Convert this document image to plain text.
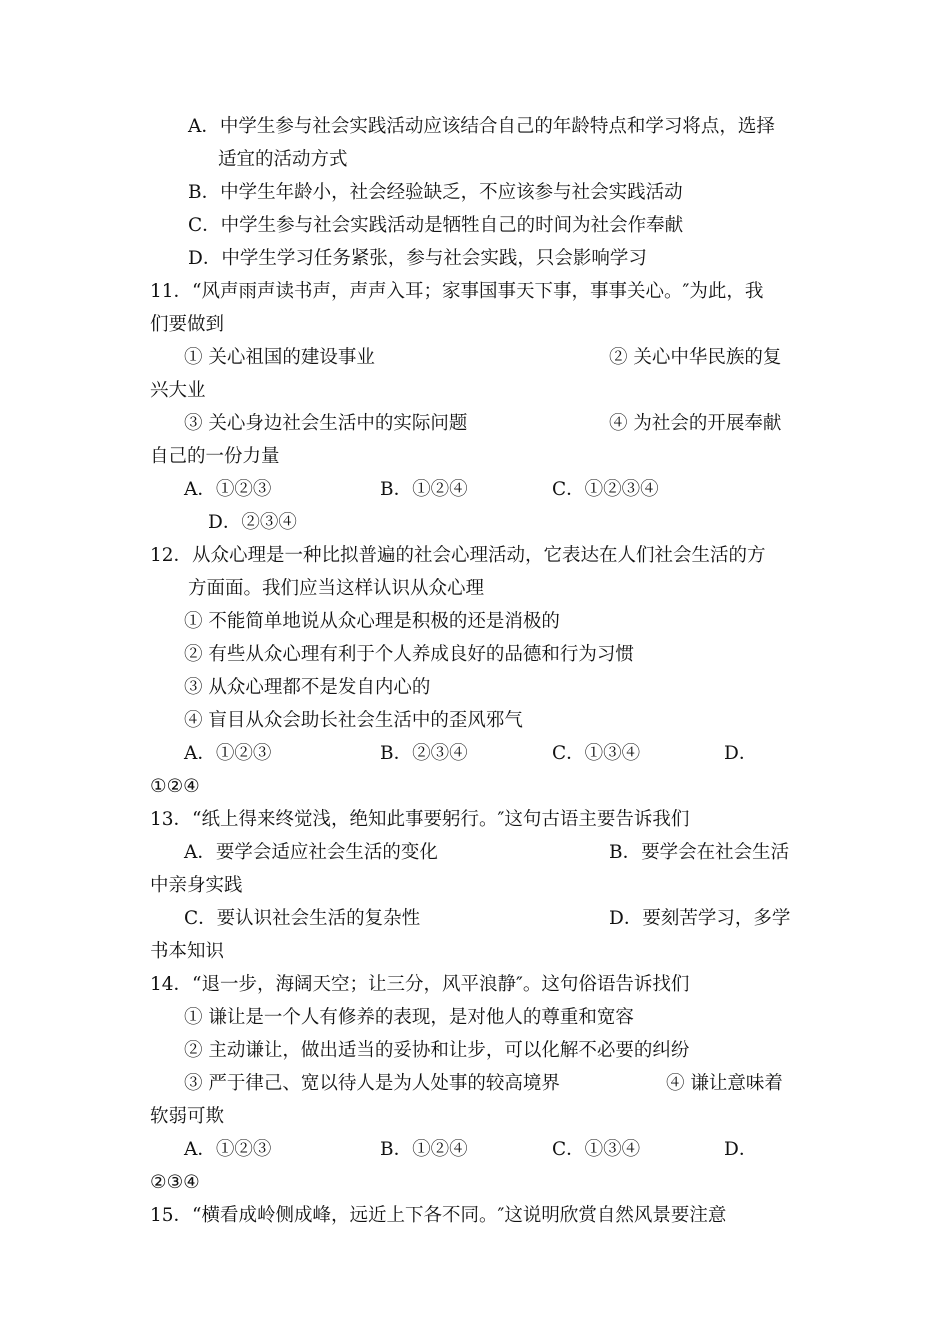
A．中学生参与社会实践活动应该结合自己的年龄特点和学习将点，选择
适宜的活动方式
B．中学生年龄小，社会经验缺乏，不应该参与社会实践活动
C．中学生参与社会实践活动是牺牲自己的时间为社会作奉献
D．中学生学习任务紧张，参与社会实践，只会影响学习
11．“风声雨声读书声，声声入耳；家事国事天下事，事事关心。″为此，我
们要做到
① 关心祖国的建设事业	② 关心中华民族的复
兴大业
③ 关心身边社会生活中的实际问题	④ 为社会的开展奉献
自己的一份力量
A．①②③	B．①②④	C．①②③④
D．②③④
12．从众心理是一种比拟普遍的社会心理活动，它表达在人们社会生活的方
方面面。我们应当这样认识从众心理
① 不能简单地说从众心理是积极的还是消极的
② 有些从众心理有利于个人养成良好的品德和行为习惯
③ 从众心理都不是发自内心的
④ 盲目从众会助长社会生活中的歪风邪气
A．①②③	B．②③④	C．①③④	D．
①②④
13．“纸上得来终觉浅，绝知此事要躬行。″这句古语主要告诉我们
A．要学会适应社会生活的变化	B．要学会在社会生活
中亲身实践
C．要认识社会生活的复杂性	D．要刻苦学习，多学
书本知识
14．“退一步，海阔天空；让三分，风平浪静″。这句俗语告诉找们
① 谦让是一个人有修养的表现，是对他人的尊重和宽容
② 主动谦让，做出适当的妥协和让步，可以化解不必要的纠纷
③ 严于律己、宽以待人是为人处事的较高境界	④ 谦让意味着
软弱可欺
A．①②③	B．①②④	C．①③④	D．
②③④
15．“横看成岭侧成峰，远近上下各不同。″这说明欣赏自然风景要注意
